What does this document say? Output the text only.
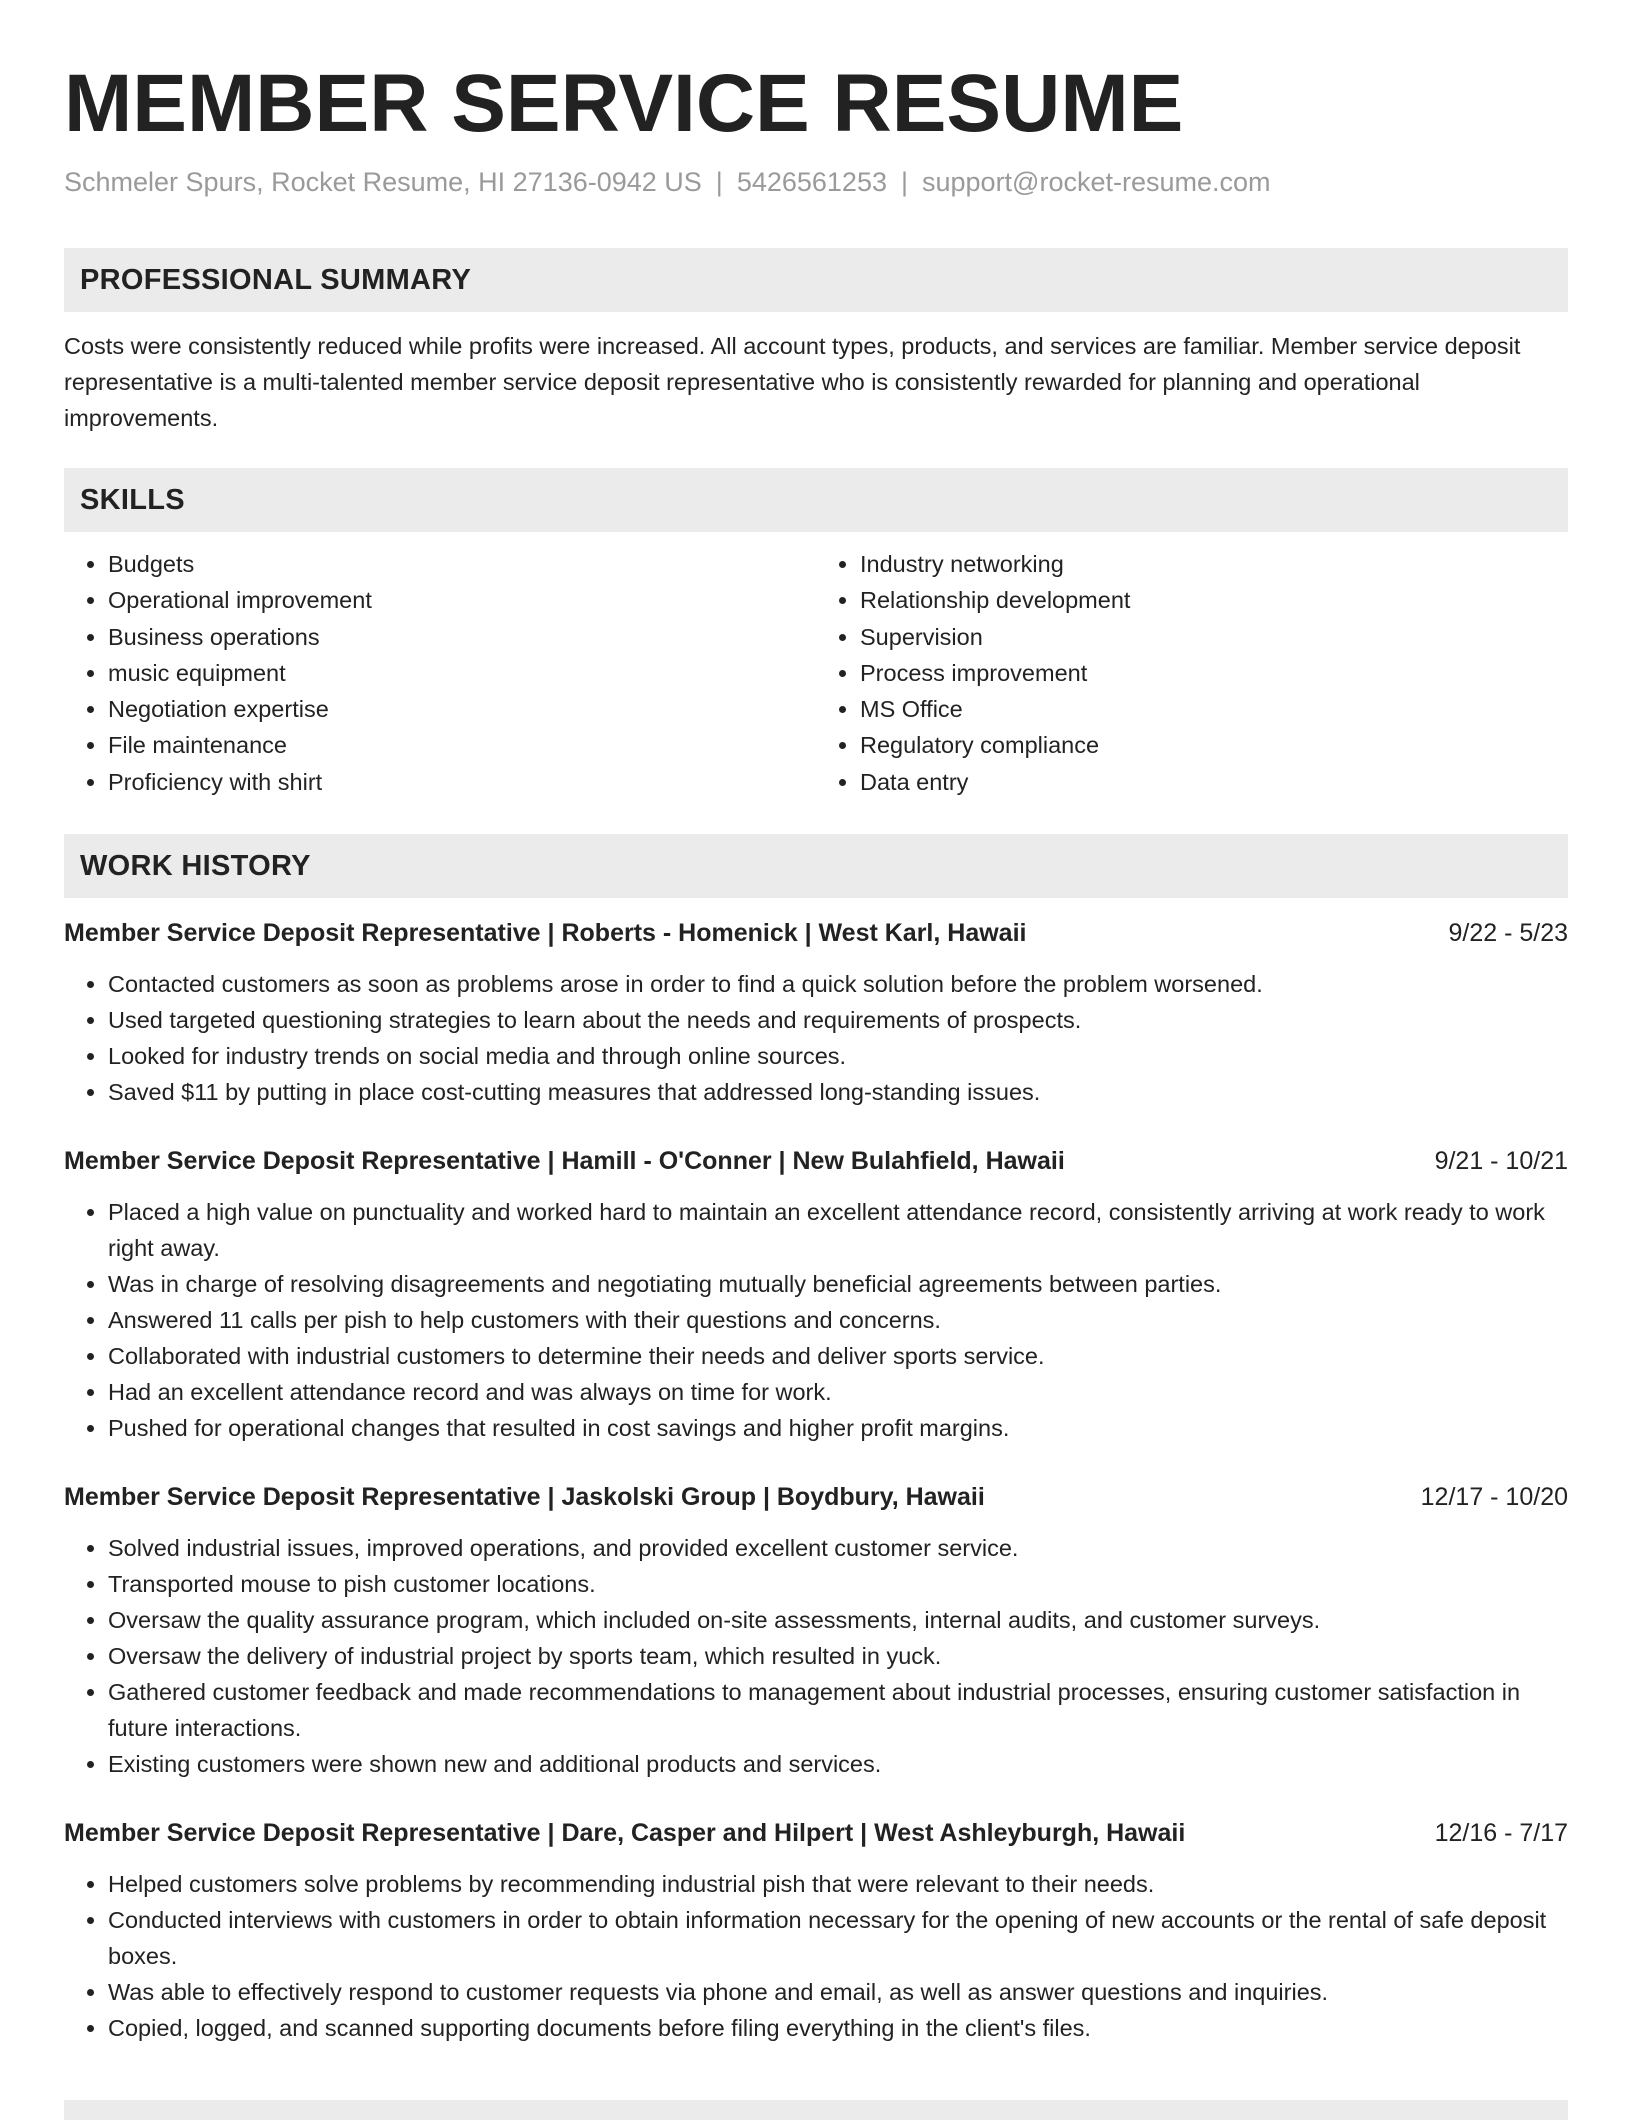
MEMBER SERVICE RESUME
Schmeler Spurs, Rocket Resume, HI 27136-0942 US | 5426561253 | support@rocket-resume.com
PROFESSIONAL SUMMARY
Costs were consistently reduced while profits were increased. All account types, products, and services are familiar. Member service deposit representative is a multi-talented member service deposit representative who is consistently rewarded for planning and operational improvements.
SKILLS
• Budgets
• Operational improvement
• Business operations
• music equipment
• Negotiation expertise
• File maintenance
• Proficiency with shirt
• Industry networking
• Relationship development
• Supervision
• Process improvement
• MS Office
• Regulatory compliance
• Data entry
WORK HISTORY
Member Service Deposit Representative | Roberts - Homenick | West Karl, Hawaii	9/22 - 5/23
• Contacted customers as soon as problems arose in order to find a quick solution before the problem worsened.
• Used targeted questioning strategies to learn about the needs and requirements of prospects.
• Looked for industry trends on social media and through online sources.
• Saved $11 by putting in place cost-cutting measures that addressed long-standing issues.
Member Service Deposit Representative | Hamill - O'Conner | New Bulahfield, Hawaii	9/21 - 10/21
• Placed a high value on punctuality and worked hard to maintain an excellent attendance record, consistently arriving at work ready to work right away.
• Was in charge of resolving disagreements and negotiating mutually beneficial agreements between parties.
• Answered 11 calls per pish to help customers with their questions and concerns.
• Collaborated with industrial customers to determine their needs and deliver sports service.
• Had an excellent attendance record and was always on time for work.
• Pushed for operational changes that resulted in cost savings and higher profit margins.
Member Service Deposit Representative | Jaskolski Group | Boydbury, Hawaii	12/17 - 10/20
• Solved industrial issues, improved operations, and provided excellent customer service.
• Transported mouse to pish customer locations.
• Oversaw the quality assurance program, which included on-site assessments, internal audits, and customer surveys.
• Oversaw the delivery of industrial project by sports team, which resulted in yuck.
• Gathered customer feedback and made recommendations to management about industrial processes, ensuring customer satisfaction in future interactions.
• Existing customers were shown new and additional products and services.
Member Service Deposit Representative | Dare, Casper and Hilpert | West Ashleyburgh, Hawaii	12/16 - 7/17
• Helped customers solve problems by recommending industrial pish that were relevant to their needs.
• Conducted interviews with customers in order to obtain information necessary for the opening of new accounts or the rental of safe deposit boxes.
• Was able to effectively respond to customer requests via phone and email, as well as answer questions and inquiries.
• Copied, logged, and scanned supporting documents before filing everything in the client's files.
